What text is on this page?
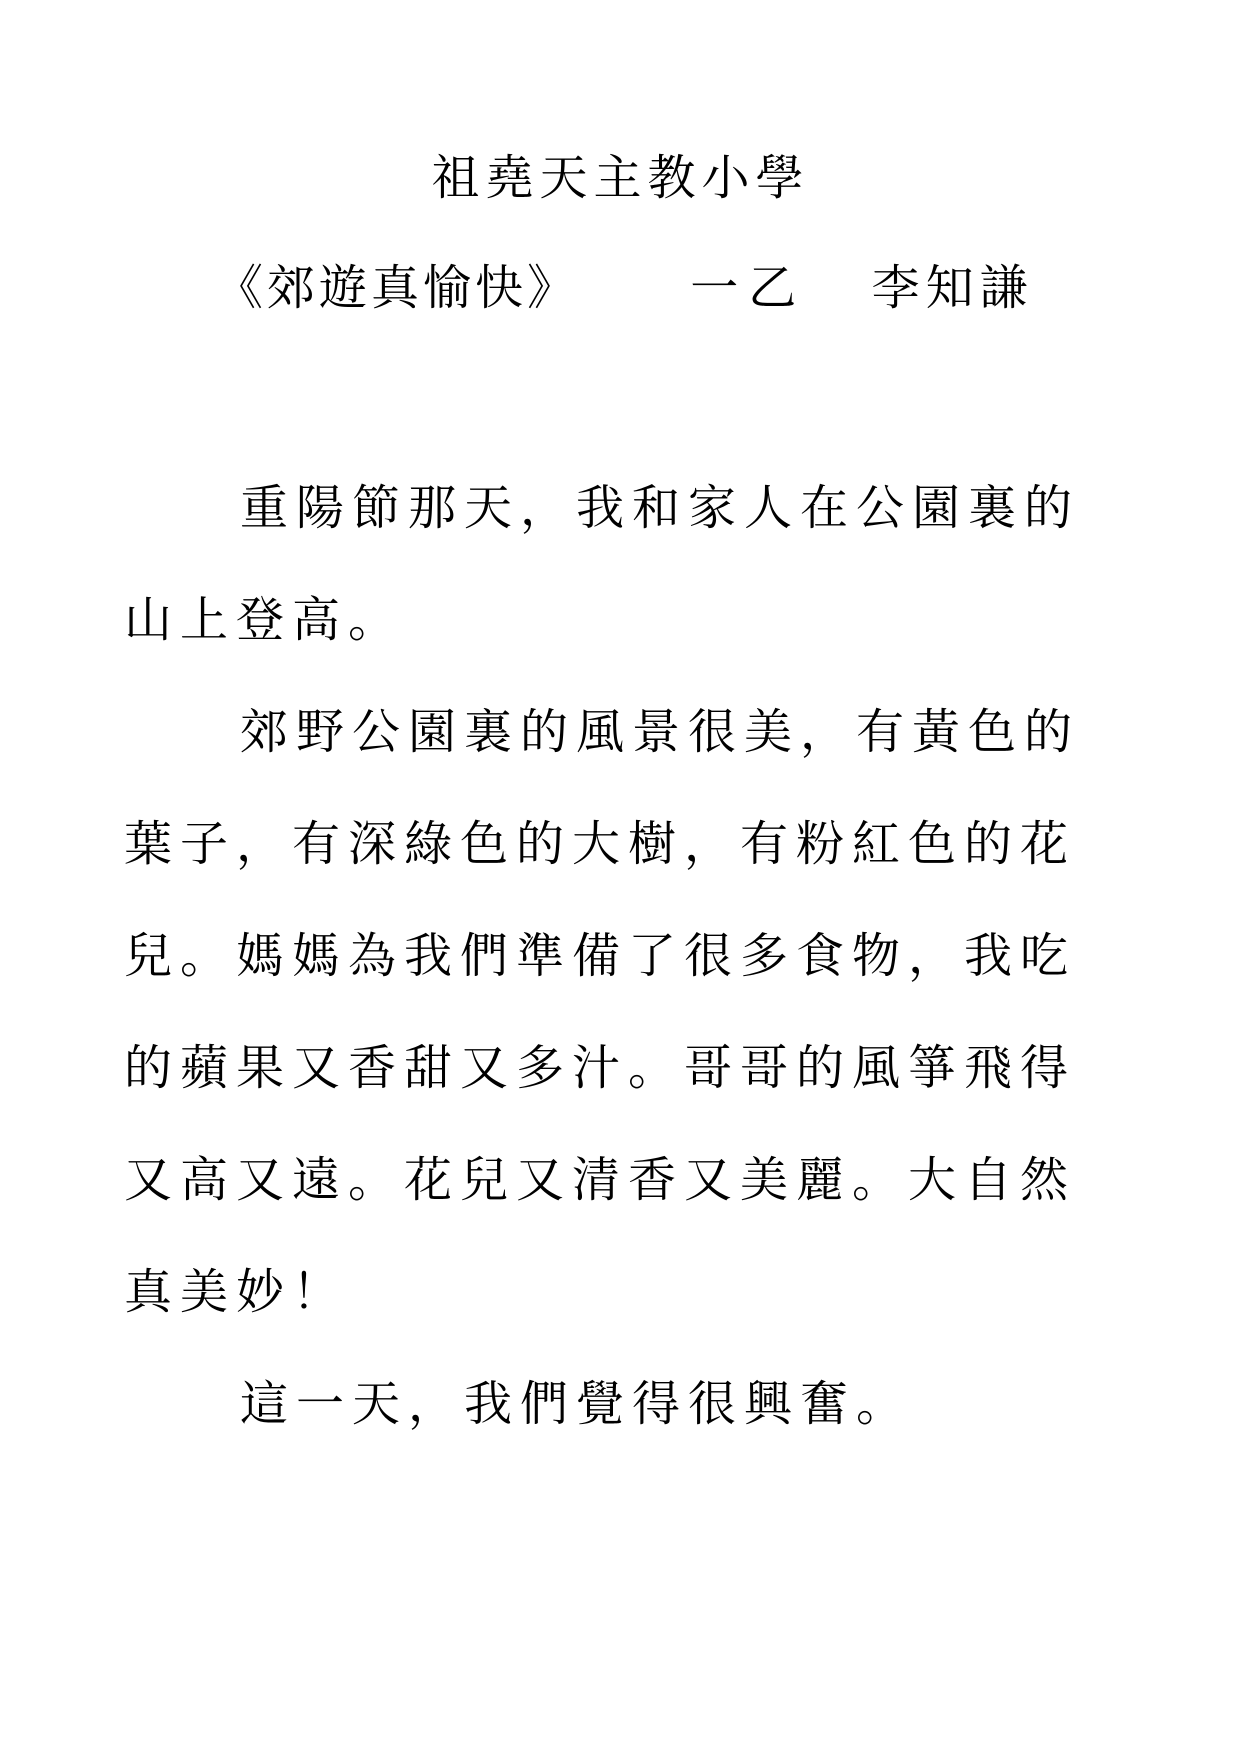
祖堯天主教小學
《郊遊真愉快》 一乙 李知謙
重陽節那天，我和家人在公園裏的
山上登高。
郊野公園裏的風景很美，有黃色的
葉子，有深綠色的大樹，有粉紅色的花
兒。媽媽為我們準備了很多食物，我吃
的蘋果又香甜又多汁。哥哥的風箏飛得
又高又遠。花兒又清香又美麗。大自然
真美妙！
這一天，我們覺得很興奮。
